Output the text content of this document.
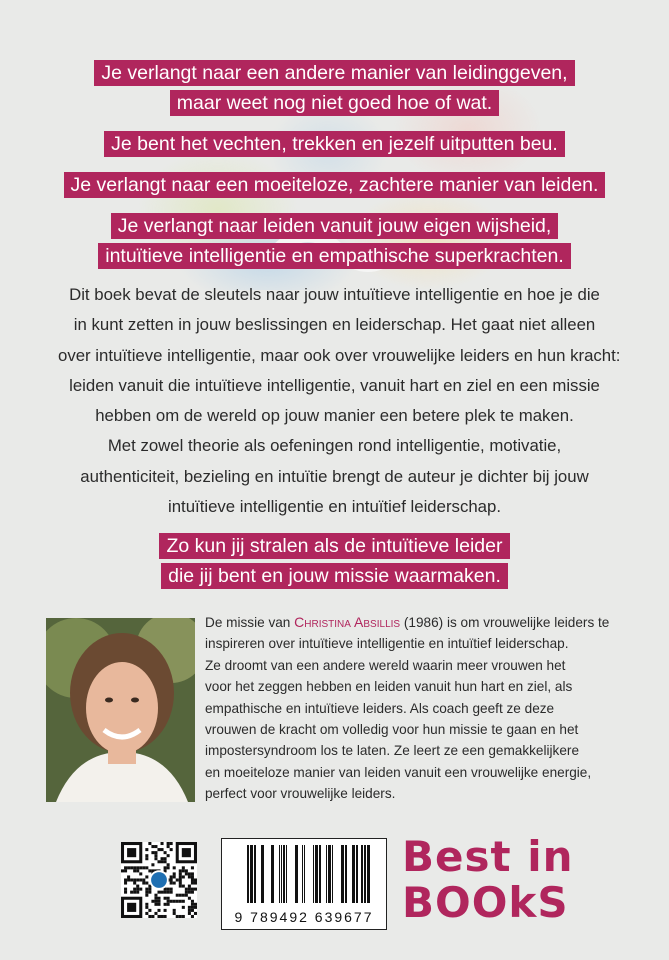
Je verlangt naar een andere manier van leidinggeven,
maar weet nog niet goed hoe of wat.
Je bent het vechten, trekken en jezelf uitputten beu.
Je verlangt naar een moeiteloze, zachtere manier van leiden.
Je verlangt naar leiden vanuit jouw eigen wijsheid,
intuïtieve intelligentie en empathische superkrachten.
Dit boek bevat de sleutels naar jouw intuïtieve intelligentie en hoe je die
in kunt zetten in jouw beslissingen en leiderschap. Het gaat niet alleen
over intuïtieve intelligentie, maar ook over vrouwelijke leiders en hun kracht:
leiden vanuit die intuïtieve intelligentie, vanuit hart en ziel en een missie
hebben om de wereld op jouw manier een betere plek te maken.
Met zowel theorie als oefeningen rond intelligentie, motivatie,
authenticiteit, bezieling en intuïtie brengt de auteur je dichter bij jouw
intuïtieve intelligentie en intuïtief leiderschap.
Zo kun jij stralen als de intuïtieve leider
die jij bent en jouw missie waarmaken.
De missie van Christina Absillis (1986) is om vrouwelijke leiders te
inspireren over intuïtieve intelligentie en intuïtief leiderschap.
Ze droomt van een andere wereld waarin meer vrouwen het
voor het zeggen hebben en leiden vanuit hun hart en ziel, als
empathische en intuïtieve leiders. Als coach geeft ze deze
vrouwen de kracht om volledig voor hun missie te gaan en het
impostersyndroom los te laten. Ze leert ze een gemakkelijkere
en moeiteloze manier van leiden vanuit een vrouwelijke energie,
perfect voor vrouwelijke leiders.
9 789492 639677
Best in
BOOkS
